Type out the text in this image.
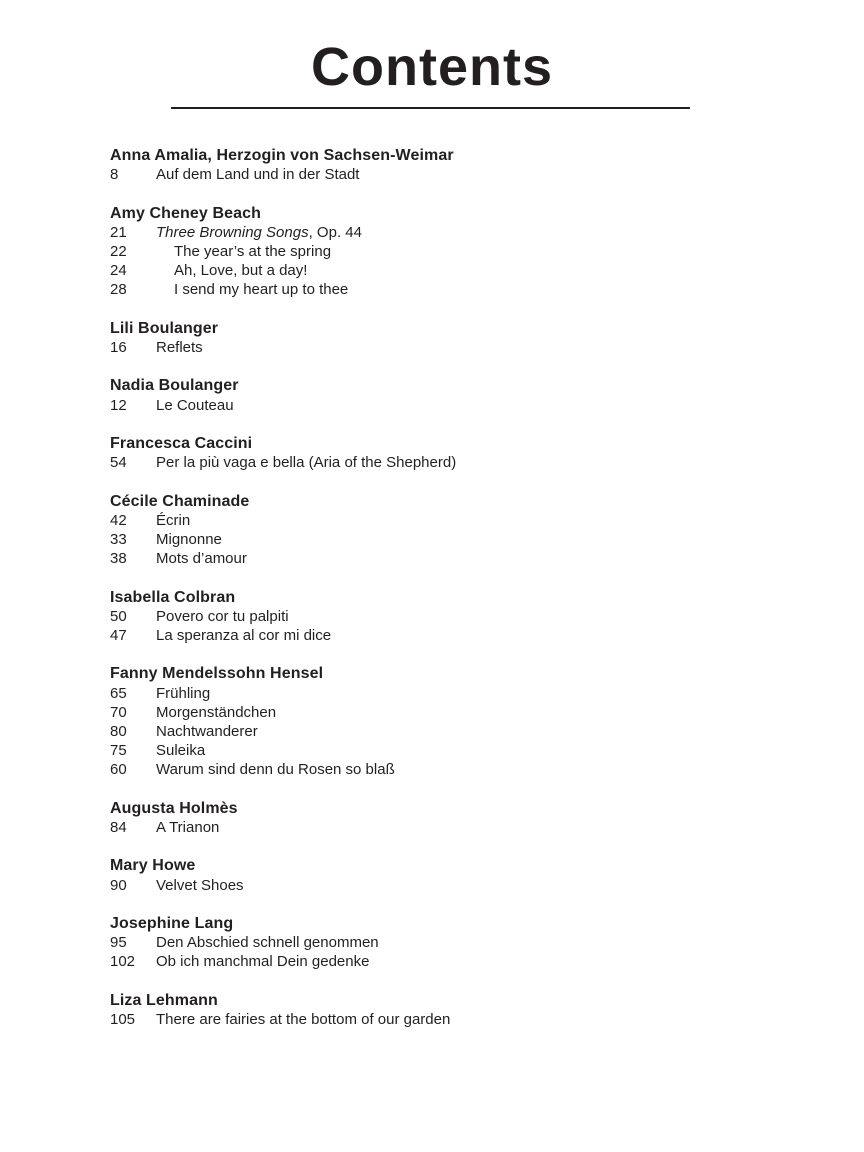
Contents
Anna Amalia, Herzogin von Sachsen-Weimar
8	Auf dem Land und in der Stadt
Amy Cheney Beach
21	Three Browning Songs, Op. 44
22	The year’s at the spring
24	Ah, Love, but a day!
28	I send my heart up to thee
Lili Boulanger
16	Reflets
Nadia Boulanger
12	Le Couteau
Francesca Caccini
54	Per la più vaga e bella (Aria of the Shepherd)
Cécile Chaminade
42	Écrin
33	Mignonne
38	Mots d’amour
Isabella Colbran
50	Povero cor tu palpiti
47	La speranza al cor mi dice
Fanny Mendelssohn Hensel
65	Frühling
70	Morgenständchen
80	Nachtwanderer
75	Suleika
60	Warum sind denn du Rosen so blaß
Augusta Holmès
84	A Trianon
Mary Howe
90	Velvet Shoes
Josephine Lang
95	Den Abschied schnell genommen
102	Ob ich manchmal Dein gedenke
Liza Lehmann
105	There are fairies at the bottom of our garden
